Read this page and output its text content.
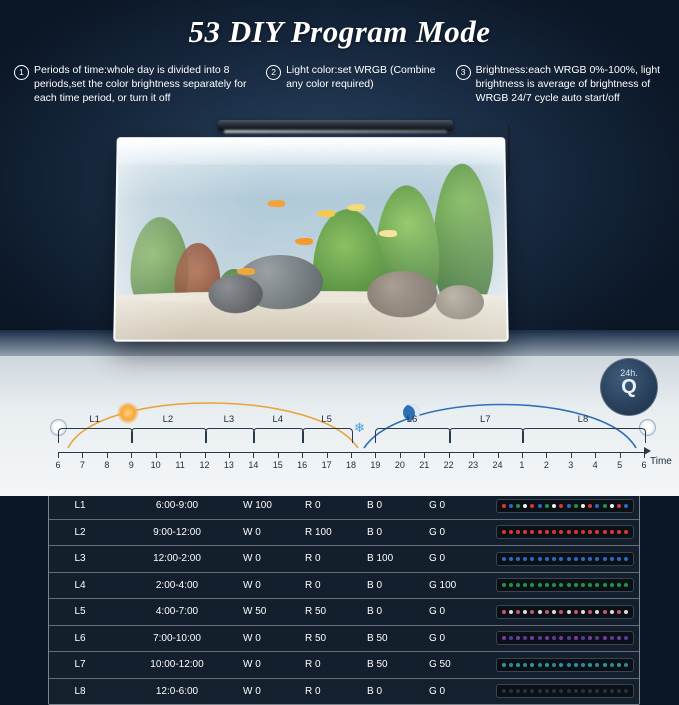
53 DIY Program Mode
1 Periods of time:whole day is divided into 8 periods,set the color brightness separately for each time period, or turn it off
2 Light color:set WRGB (Combine any color required)
3 Brightness:each WRGB 0%-100%, light brightness is average of brightness of WRGB 24/7 cycle auto start/off
❄
Time
6 7 8 9 10 11 12 13 14 15 16 17 18 19 20 21 22 23 24 1 2 3 4 5 6
L1	L2	L3	L4	L5	L6	L7	L8
Q
24h.
L1	6:00-9:00	W 100	R 0	B 0	G 0
L2	9:00-12:00	W 0	R 100	B 0	G 0
L3	12:00-2:00	W 0	R 0	B 100	G 0
L4	2:00-4:00	W 0	R 0	B 0	G 100
L5	4:00-7:00	W 50	R 50	B 0	G 0
L6	7:00-10:00	W 0	R 50	B 50	G 0
L7	10:00-12:00	W 0	R 0	B 50	G 50
L8	12:0-6:00	W 0	R 0	B 0	G 0
